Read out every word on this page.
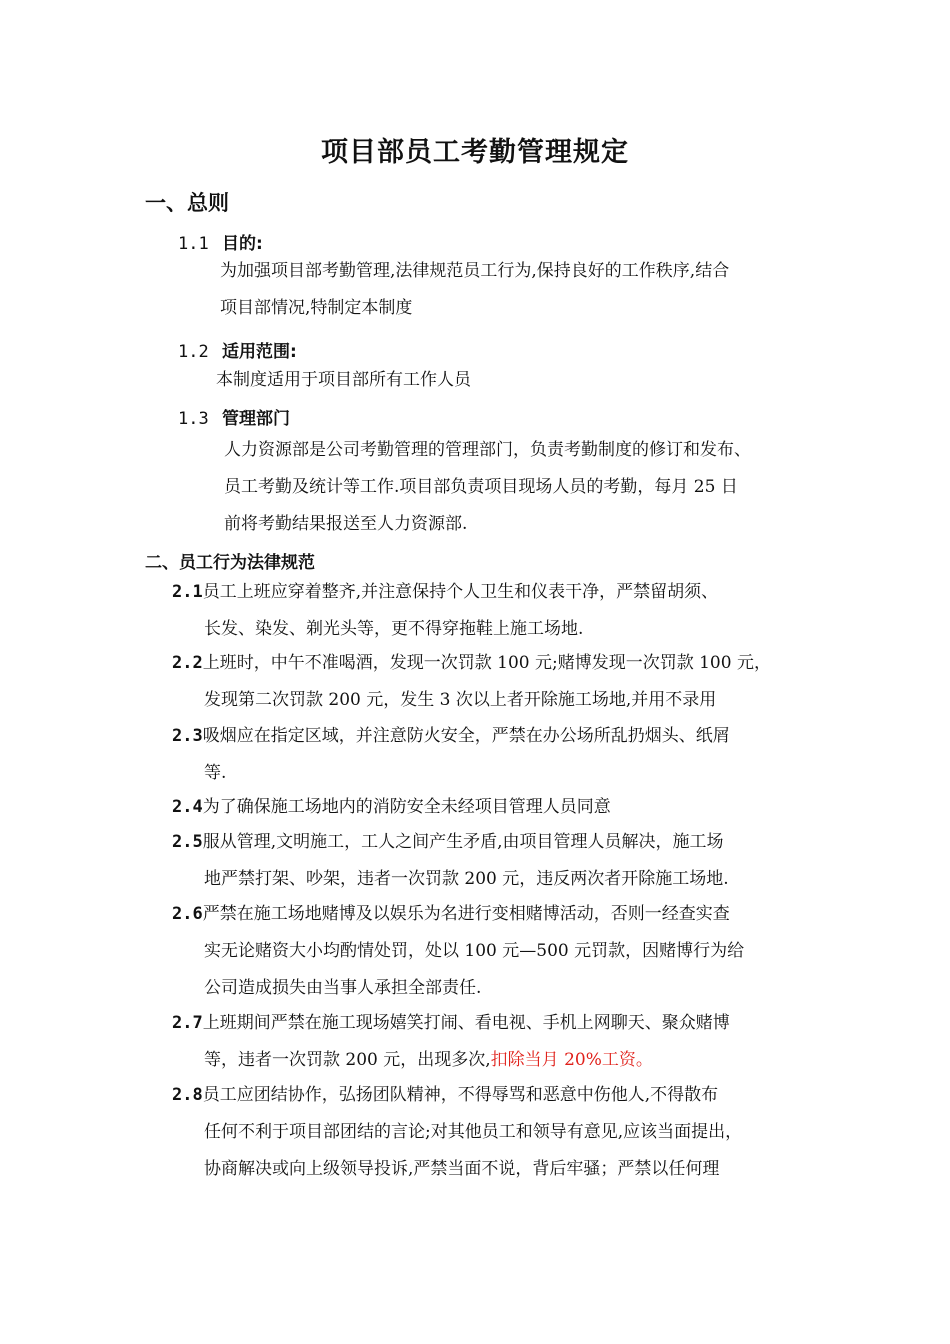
项目部员工考勤管理规定
一、总则
1.1 目的:
为加强项目部考勤管理,法律规范员工行为,保持良好的工作秩序,结合
项目部情况,特制定本制度
1.2 适用范围:
本制度适用于项目部所有工作人员
1.3 管理部门
人力资源部是公司考勤管理的管理部门，负责考勤制度的修订和发布、
员工考勤及统计等工作.项目部负责项目现场人员的考勤，每月 25 日
前将考勤结果报送至人力资源部.
二、员工行为法律规范
2.1员工上班应穿着整齐,并注意保持个人卫生和仪表干净，严禁留胡须、
长发、染发、剃光头等，更不得穿拖鞋上施工场地.
2.2上班时，中午不准喝酒，发现一次罚款 100 元;赌博发现一次罚款 100 元，
发现第二次罚款 200 元，发生 3 次以上者开除施工场地,并用不录用
2.3吸烟应在指定区域，并注意防火安全，严禁在办公场所乱扔烟头、纸屑
等.
2.4为了确保施工场地内的消防安全未经项目管理人员同意
2.5服从管理,文明施工，工人之间产生矛盾,由项目管理人员解决，施工场
地严禁打架、吵架，违者一次罚款 200 元，违反两次者开除施工场地.
2.6严禁在施工场地赌博及以娱乐为名进行变相赌博活动，否则一经查实查
实无论赌资大小均酌情处罚，处以 100 元—500 元罚款，因赌博行为给
公司造成损失由当事人承担全部责任.
2.7上班期间严禁在施工现场嬉笑打闹、看电视、手机上网聊天、聚众赌博
等，违者一次罚款 200 元，出现多次,扣除当月 20%工资。
2.8员工应团结协作，弘扬团队精神，不得辱骂和恶意中伤他人,不得散布
任何不利于项目部团结的言论;对其他员工和领导有意见,应该当面提出，
协商解决或向上级领导投诉,严禁当面不说，背后牢骚；严禁以任何理
